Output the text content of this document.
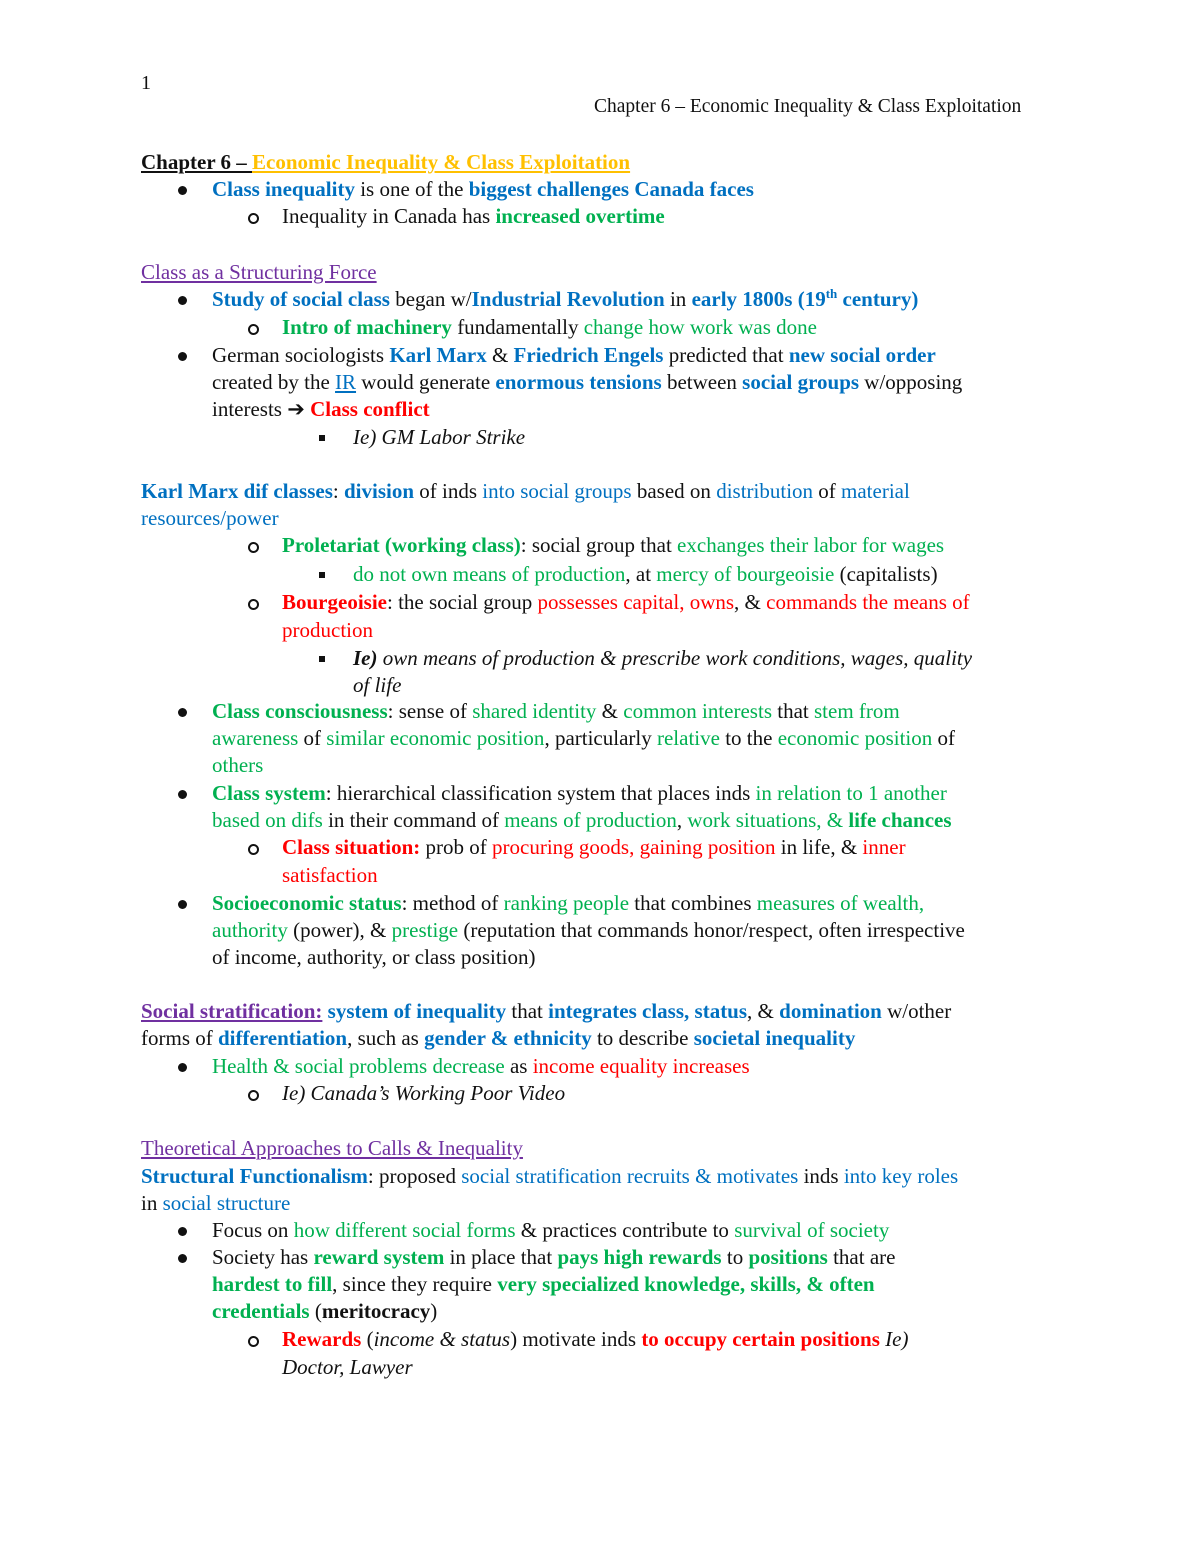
1
Chapter 6 – Economic Inequality & Class Exploitation
Chapter 6 – Economic Inequality & Class Exploitation
Class inequality is one of the biggest challenges Canada faces
Inequality in Canada has increased overtime
Class as a Structuring Force
Study of social class began w/Industrial Revolution in early 1800s (19th century)
Intro of machinery fundamentally change how work was done
German sociologists Karl Marx & Friedrich Engels predicted that new social order
created by the IR would generate enormous tensions between social groups w/opposing
interests ➔ Class conflict
Ie) GM Labor Strike
Karl Marx dif classes: division of inds into social groups based on distribution of material
resources/power
Proletariat (working class): social group that exchanges their labor for wages
do not own means of production, at mercy of bourgeoisie (capitalists)
Bourgeoisie: the social group possesses capital, owns, & commands the means of
production
Ie) own means of production & prescribe work conditions, wages, quality
of life
Class consciousness: sense of shared identity & common interests that stem from
awareness of similar economic position, particularly relative to the economic position of
others
Class system: hierarchical classification system that places inds in relation to 1 another
based on difs in their command of means of production, work situations, & life chances
Class situation: prob of procuring goods, gaining position in life, & inner
satisfaction
Socioeconomic status: method of ranking people that combines measures of wealth,
authority (power), & prestige (reputation that commands honor/respect, often irrespective
of income, authority, or class position)
Social stratification: system of inequality that integrates class, status, & domination w/other
forms of differentiation, such as gender & ethnicity to describe societal inequality
Health & social problems decrease as income equality increases
Ie) Canada’s Working Poor Video
Theoretical Approaches to Calls & Inequality
Structural Functionalism: proposed social stratification recruits & motivates inds into key roles
in social structure
Focus on how different social forms & practices contribute to survival of society
Society has reward system in place that pays high rewards to positions that are
hardest to fill, since they require very specialized knowledge, skills, & often
credentials (meritocracy)
Rewards (income & status) motivate inds to occupy certain positions Ie)
Doctor, Lawyer
